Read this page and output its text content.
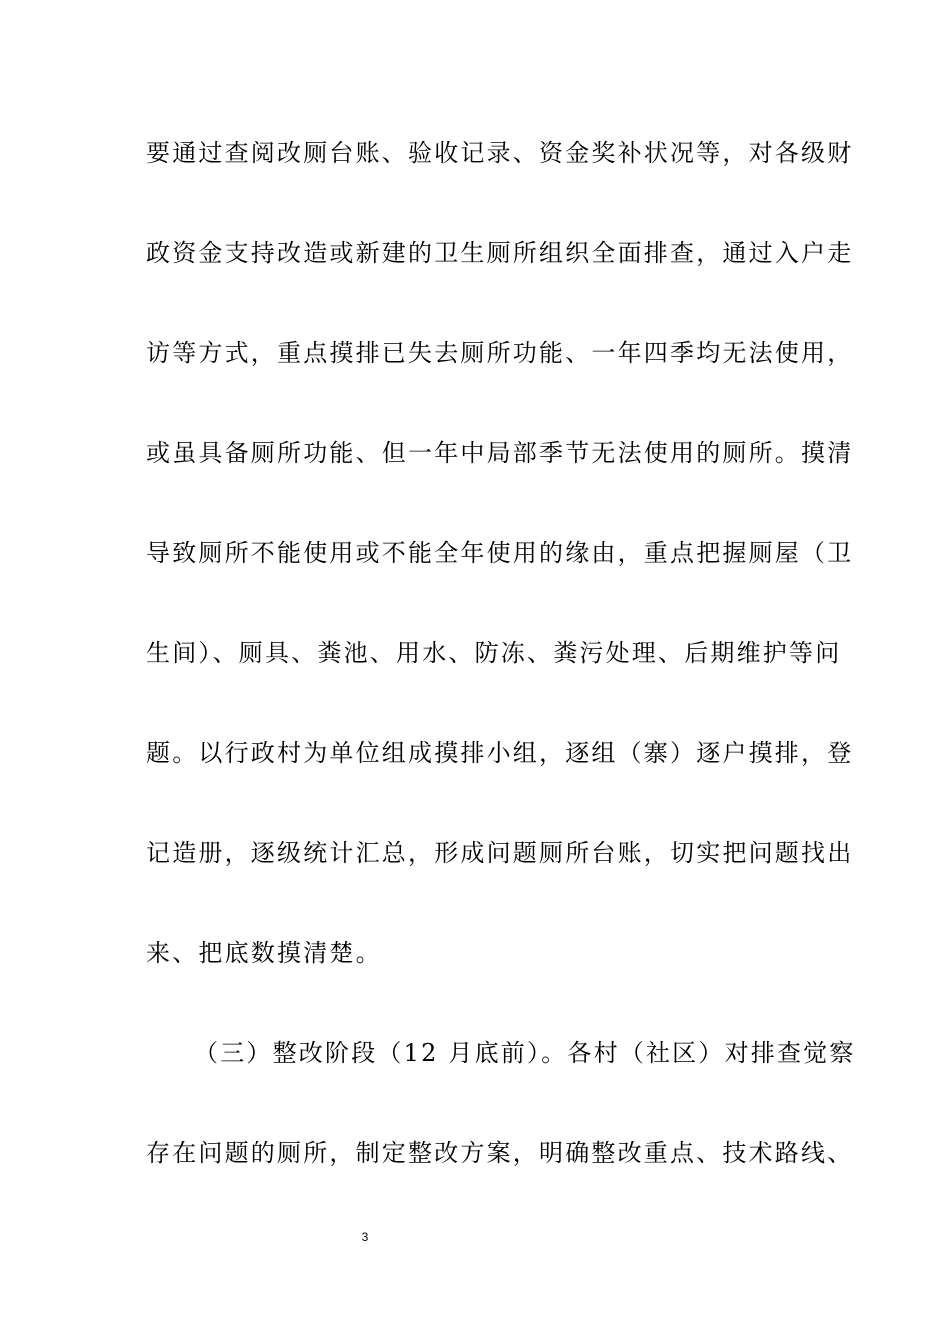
要通过查阅改厕台账、验收记录、资金奖补状况等，对各级财
政资金支持改造或新建的卫生厕所组织全面排查，通过入户走
访等方式，重点摸排已失去厕所功能、一年四季均无法使用，
或虽具备厕所功能、但一年中局部季节无法使用的厕所。摸清
导致厕所不能使用或不能全年使用的缘由，重点把握厕屋（卫
生间）、厕具、粪池、用水、防冻、粪污处理、后期维护等问
题。以行政村为单位组成摸排小组，逐组（寨）逐户摸排，登
记造册，逐级统计汇总，形成问题厕所台账，切实把问题找出
来、把底数摸清楚。
（三）整改阶段（12 月底前）。各村（社区）对排查觉察
存在问题的厕所，制定整改方案，明确整改重点、技术路线、
3
